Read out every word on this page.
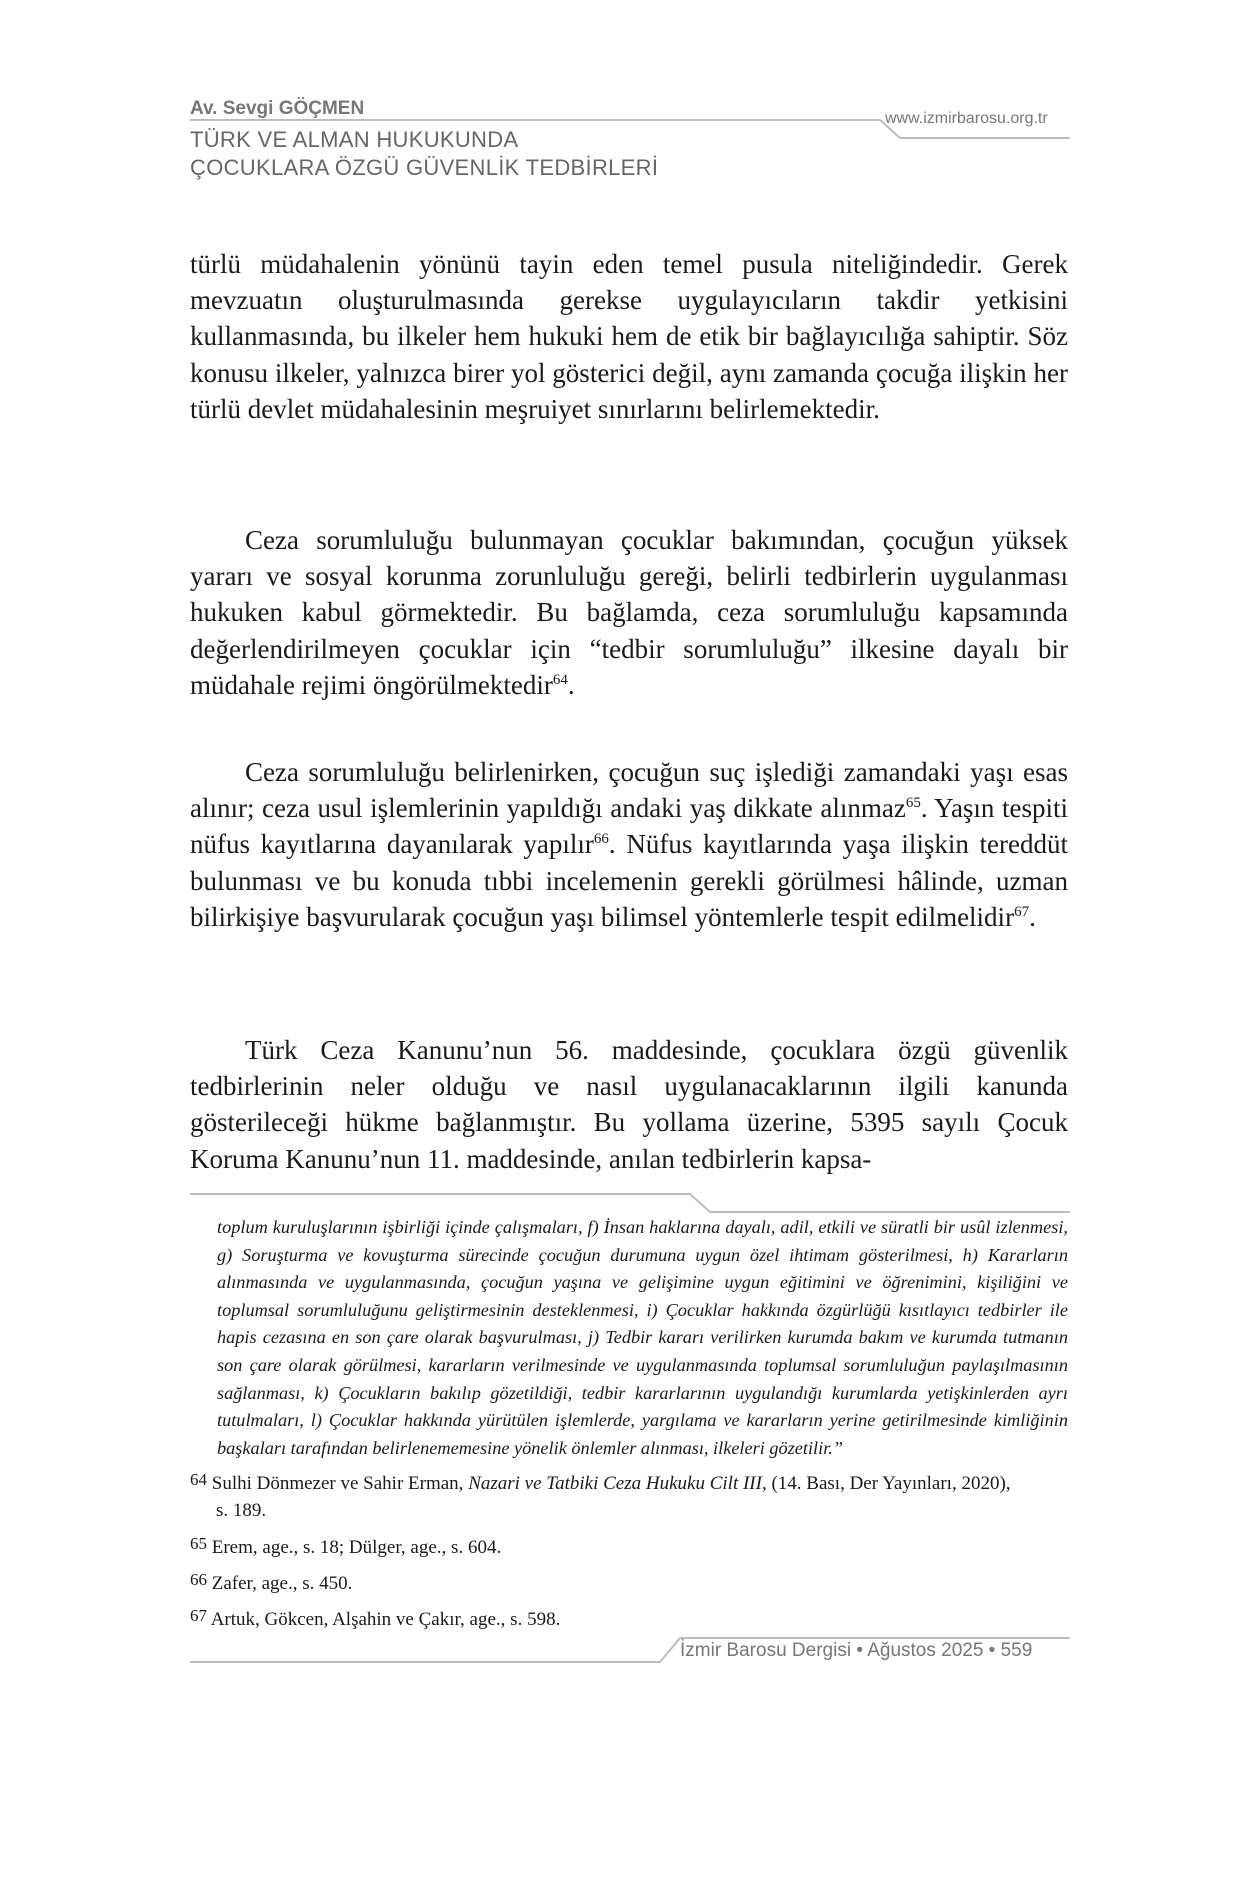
Av. Sevgi GÖÇMEN
TÜRK VE ALMAN HUKUKUNDA
ÇOCUKLARA ÖZGÜ GÜVENLİK TEDBİRLERİ
www.izmirbarosu.org.tr

türlü müdahalenin yönünü tayin eden temel pusula niteliğindedir. Gerek mevzuatın oluşturulmasında gerekse uygulayıcıların takdir yetkisini kullanmasında, bu ilkeler hem hukuki hem de etik bir bağlayıcılığa sahiptir. Söz konusu ilkeler, yalnızca birer yol gösterici değil, aynı zamanda çocuğa ilişkin her türlü devlet müdahalesinin meşruiyet sınırlarını belirlemektedir.

Ceza sorumluluğu bulunmayan çocuklar bakımından, çocuğun yüksek yararı ve sosyal korunma zorunluluğu gereği, belirli tedbirlerin uygulanması hukuken kabul görmektedir. Bu bağlamda, ceza sorumluluğu kapsamında değerlendirilmeyen çocuklar için “tedbir sorumluluğu” ilkesine dayalı bir müdahale rejimi öngörülmektedir$^{64}$.

Ceza sorumluluğu belirlenirken, çocuğun suç işlediği zamandaki yaşı esas alınır; ceza usul işlemlerinin yapıldığı andaki yaş dikkate alınmaz$^{65}$. Yaşın tespiti nüfus kayıtlarına dayanılarak yapılır$^{66}$. Nüfus kayıtlarında yaşa ilişkin tereddüt bulunması ve bu konuda tıbbi incelemenin gerekli görülmesi hâlinde, uzman bilirkişiye başvurularak çocuğun yaşı bilimsel yöntemlerle tespit edilmelidir$^{67}$.

Türk Ceza Kanunu’nun 56. maddesinde, çocuklara özgü güvenlik tedbirlerinin neler olduğu ve nasıl uygulanacaklarının ilgili kanunda gösterileceği hükme bağlanmıştır. Bu yollama üzerine, 5395 sayılı Çocuk Koruma Kanunu’nun 11. maddesinde, anılan tedbirlerin kapsa-

toplum kuruluşlarının işbirliği içinde çalışmaları, f) İnsan haklarına dayalı, adil, etkili ve süratli bir usûl izlenmesi, g) Soruşturma ve kovuşturma sürecinde çocuğun durumuna uygun özel ihtimam gösterilmesi, h) Kararların alınmasında ve uygulanmasında, çocuğun yaşına ve gelişimine uygun eğitimini ve öğrenimini, kişiliğini ve toplumsal sorumluluğunu geliştirmesinin desteklenmesi, i) Çocuklar hakkında özgürlüğü kısıtlayıcı tedbirler ile hapis cezasına en son çare olarak başvurulması, j) Tedbir kararı verilirken kurumda bakım ve kurumda tutmanın son çare olarak görülmesi, kararların verilmesinde ve uygulanmasında toplumsal sorumluluğun paylaşılmasının sağlanması, k) Çocukların bakılıp gözetildiği, tedbir kararlarının uygulandığı kurumlarda yetişkinlerden ayrı tutulmaları, l) Çocuklar hakkında yürütülen işlemlerde, yargılama ve kararların yerine getirilmesinde kimliğinin başkaları tarafından belirlenememesine yönelik önlemler alınması, ilkeleri gözetilir.”
64 Sulhi Dönmezer ve Sahir Erman, Nazari ve Tatbiki Ceza Hukuku Cilt III, (14. Bası, Der Yayınları, 2020),
s. 189.
65 Erem, age., s. 18; Dülger, age., s. 604.
66 Zafer, age., s. 450.
67 Artuk, Gökcen, Alşahin ve Çakır, age., s. 598.
İzmir Barosu Dergisi • Ağustos 2025 • 559
